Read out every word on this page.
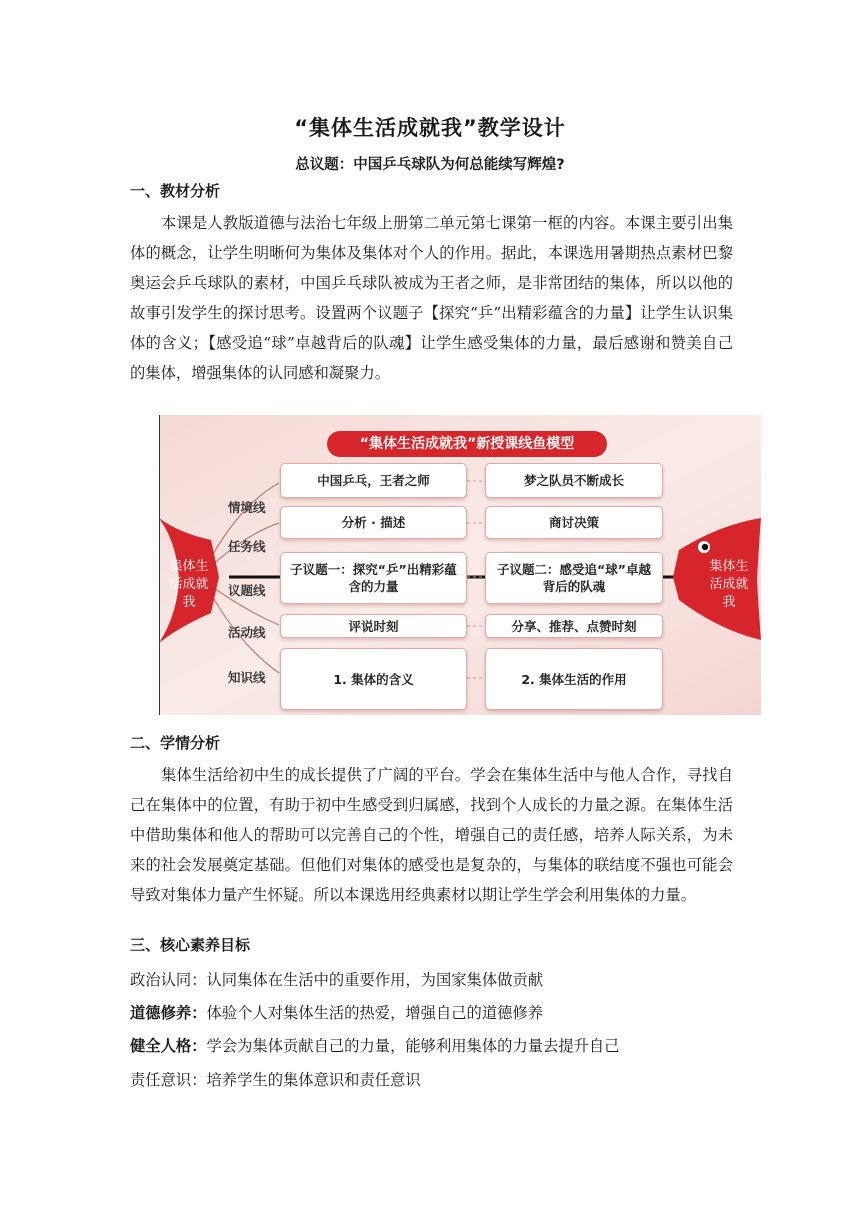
“集体生活成就我”教学设计
总议题：中国乒乓球队为何总能续写辉煌?
一、教材分析

本课是人教版道德与法治七年级上册第二单元第七课第一框的内容。本课主要引出集体的概念，让学生明晰何为集体及集体对个人的作用。据此，本课选用暑期热点素材巴黎奥运会乒乓球队的素材，中国乒乓球队被成为王者之师，是非常团结的集体，所以以他的故事引发学生的探讨思考。设置两个议题子【探究“乒”出精彩蕴含的力量】让学生认识集体的含义；【感受追“球”卓越背后的队魂】让学生感受集体的力量，最后感谢和赞美自己的集体，增强集体的认同感和凝聚力。

“集体生活成就我”新授课线鱼模型
集体生活成就我
集体生活成就我
情境线
任务线
议题线
活动线
知识线
中国乒乓，王者之师	梦之队员不断成长
分析 · 描述	商讨决策
子议题一：探究“乒”出精彩蕴含的力量
子议题二：感受追“球”卓越背后的队魂
评说时刻	分享、推荐、点赞时刻
1. 集体的含义	2. 集体生活的作用
二、学情分析

集体生活给初中生的成长提供了广阔的平台。学会在集体生活中与他人合作，寻找自己在集体中的位置，有助于初中生感受到归属感，找到个人成长的力量之源。在集体生活中借助集体和他人的帮助可以完善自己的个性，增强自己的责任感，培养人际关系，为未来的社会发展奠定基础。但他们对集体的感受也是复杂的，与集体的联结度不强也可能会导致对集体力量产生怀疑。所以本课选用经典素材以期让学生学会利用集体的力量。

三、核心素养目标
政治认同：认同集体在生活中的重要作用，为国家集体做贡献
道德修养：体验个人对集体生活的热爱，增强自己的道德修养
健全人格：学会为集体贡献自己的力量，能够利用集体的力量去提升自己
责任意识：培养学生的集体意识和责任意识
